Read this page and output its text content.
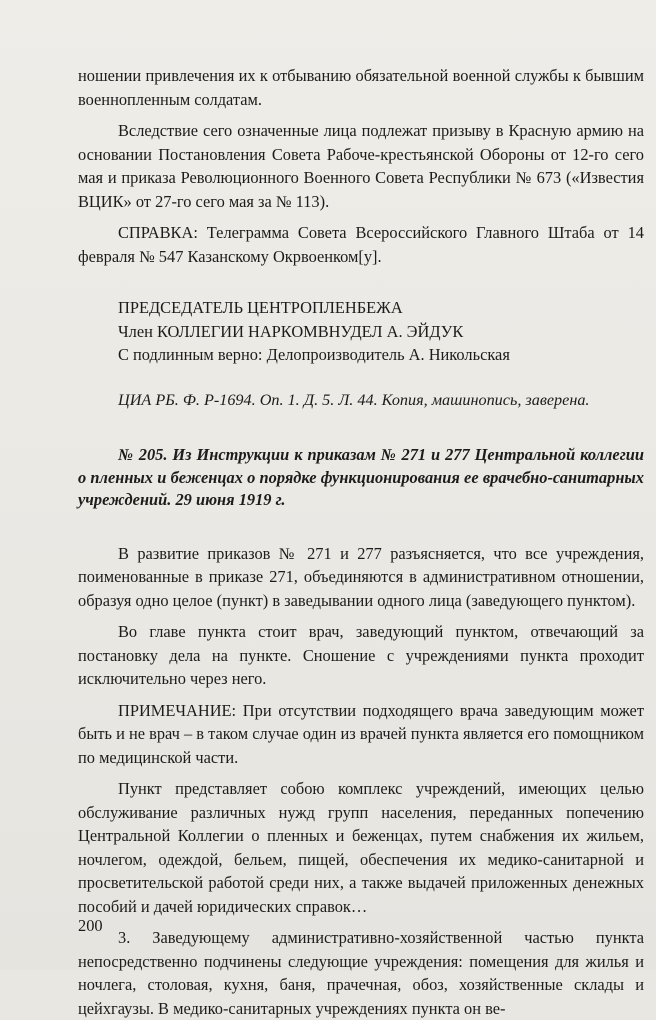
ношении привлечения их к отбыванию обязательной военной службы к бывшим военнопленным солдатам.

Вследствие сего означенные лица подлежат призыву в Красную армию на основании Постановления Совета Рабоче-крестьянской Обороны от 12-го сего мая и приказа Революционного Военного Совета Республики № 673 («Известия ВЦИК» от 27-го сего мая за № 113).

СПРАВКА: Телеграмма Совета Всероссийского Главного Штаба от 14 февраля № 547 Казанскому Окрвоенком[у].

ПРЕДСЕДАТЕЛЬ ЦЕНТРОПЛЕНБЕЖА

Член КОЛЛЕГИИ НАРКОМВНУДЕЛ А. ЭЙДУК

С подлинным верно: Делопроизводитель А. Никольская

ЦИА РБ. Ф. Р-1694. Оп. 1. Д. 5. Л. 44. Копия, машинопись, заверена.

№ 205. Из Инструкции к приказам № 271 и 277 Центральной коллегии о пленных и беженцах о порядке функционирования ее врачебно-санитарных учреждений. 29 июня 1919 г.

В развитие приказов № 271 и 277 разъясняется, что все учреждения, поименованные в приказе 271, объединяются в административном отношении, образуя одно целое (пункт) в заведывании одного лица (заведующего пунктом).

Во главе пункта стоит врач, заведующий пунктом, отвечающий за постановку дела на пункте. Сношение с учреждениями пункта проходит исключительно через него.

ПРИМЕЧАНИЕ: При отсутствии подходящего врача заведующим может быть и не врач – в таком случае один из врачей пункта является его помощником по медицинской части.

Пункт представляет собою комплекс учреждений, имеющих целью обслуживание различных нужд групп населения, переданных попечению Центральной Коллегии о пленных и беженцах, путем снабжения их жильем, ночлегом, одеждой, бельем, пищей, обеспечения их медико-санитарной и просветительской работой среди них, а также выдачей приложенных денежных пособий и дачей юридических справок…

3. Заведующему административно-хозяйственной частью пункта непосредственно подчинены следующие учреждения: помещения для жилья и ночлега, столовая, кухня, баня, прачечная, обоз, хозяйственные склады и цейхгаузы. В медико-санитарных учреждениях пункта он ве-

200
